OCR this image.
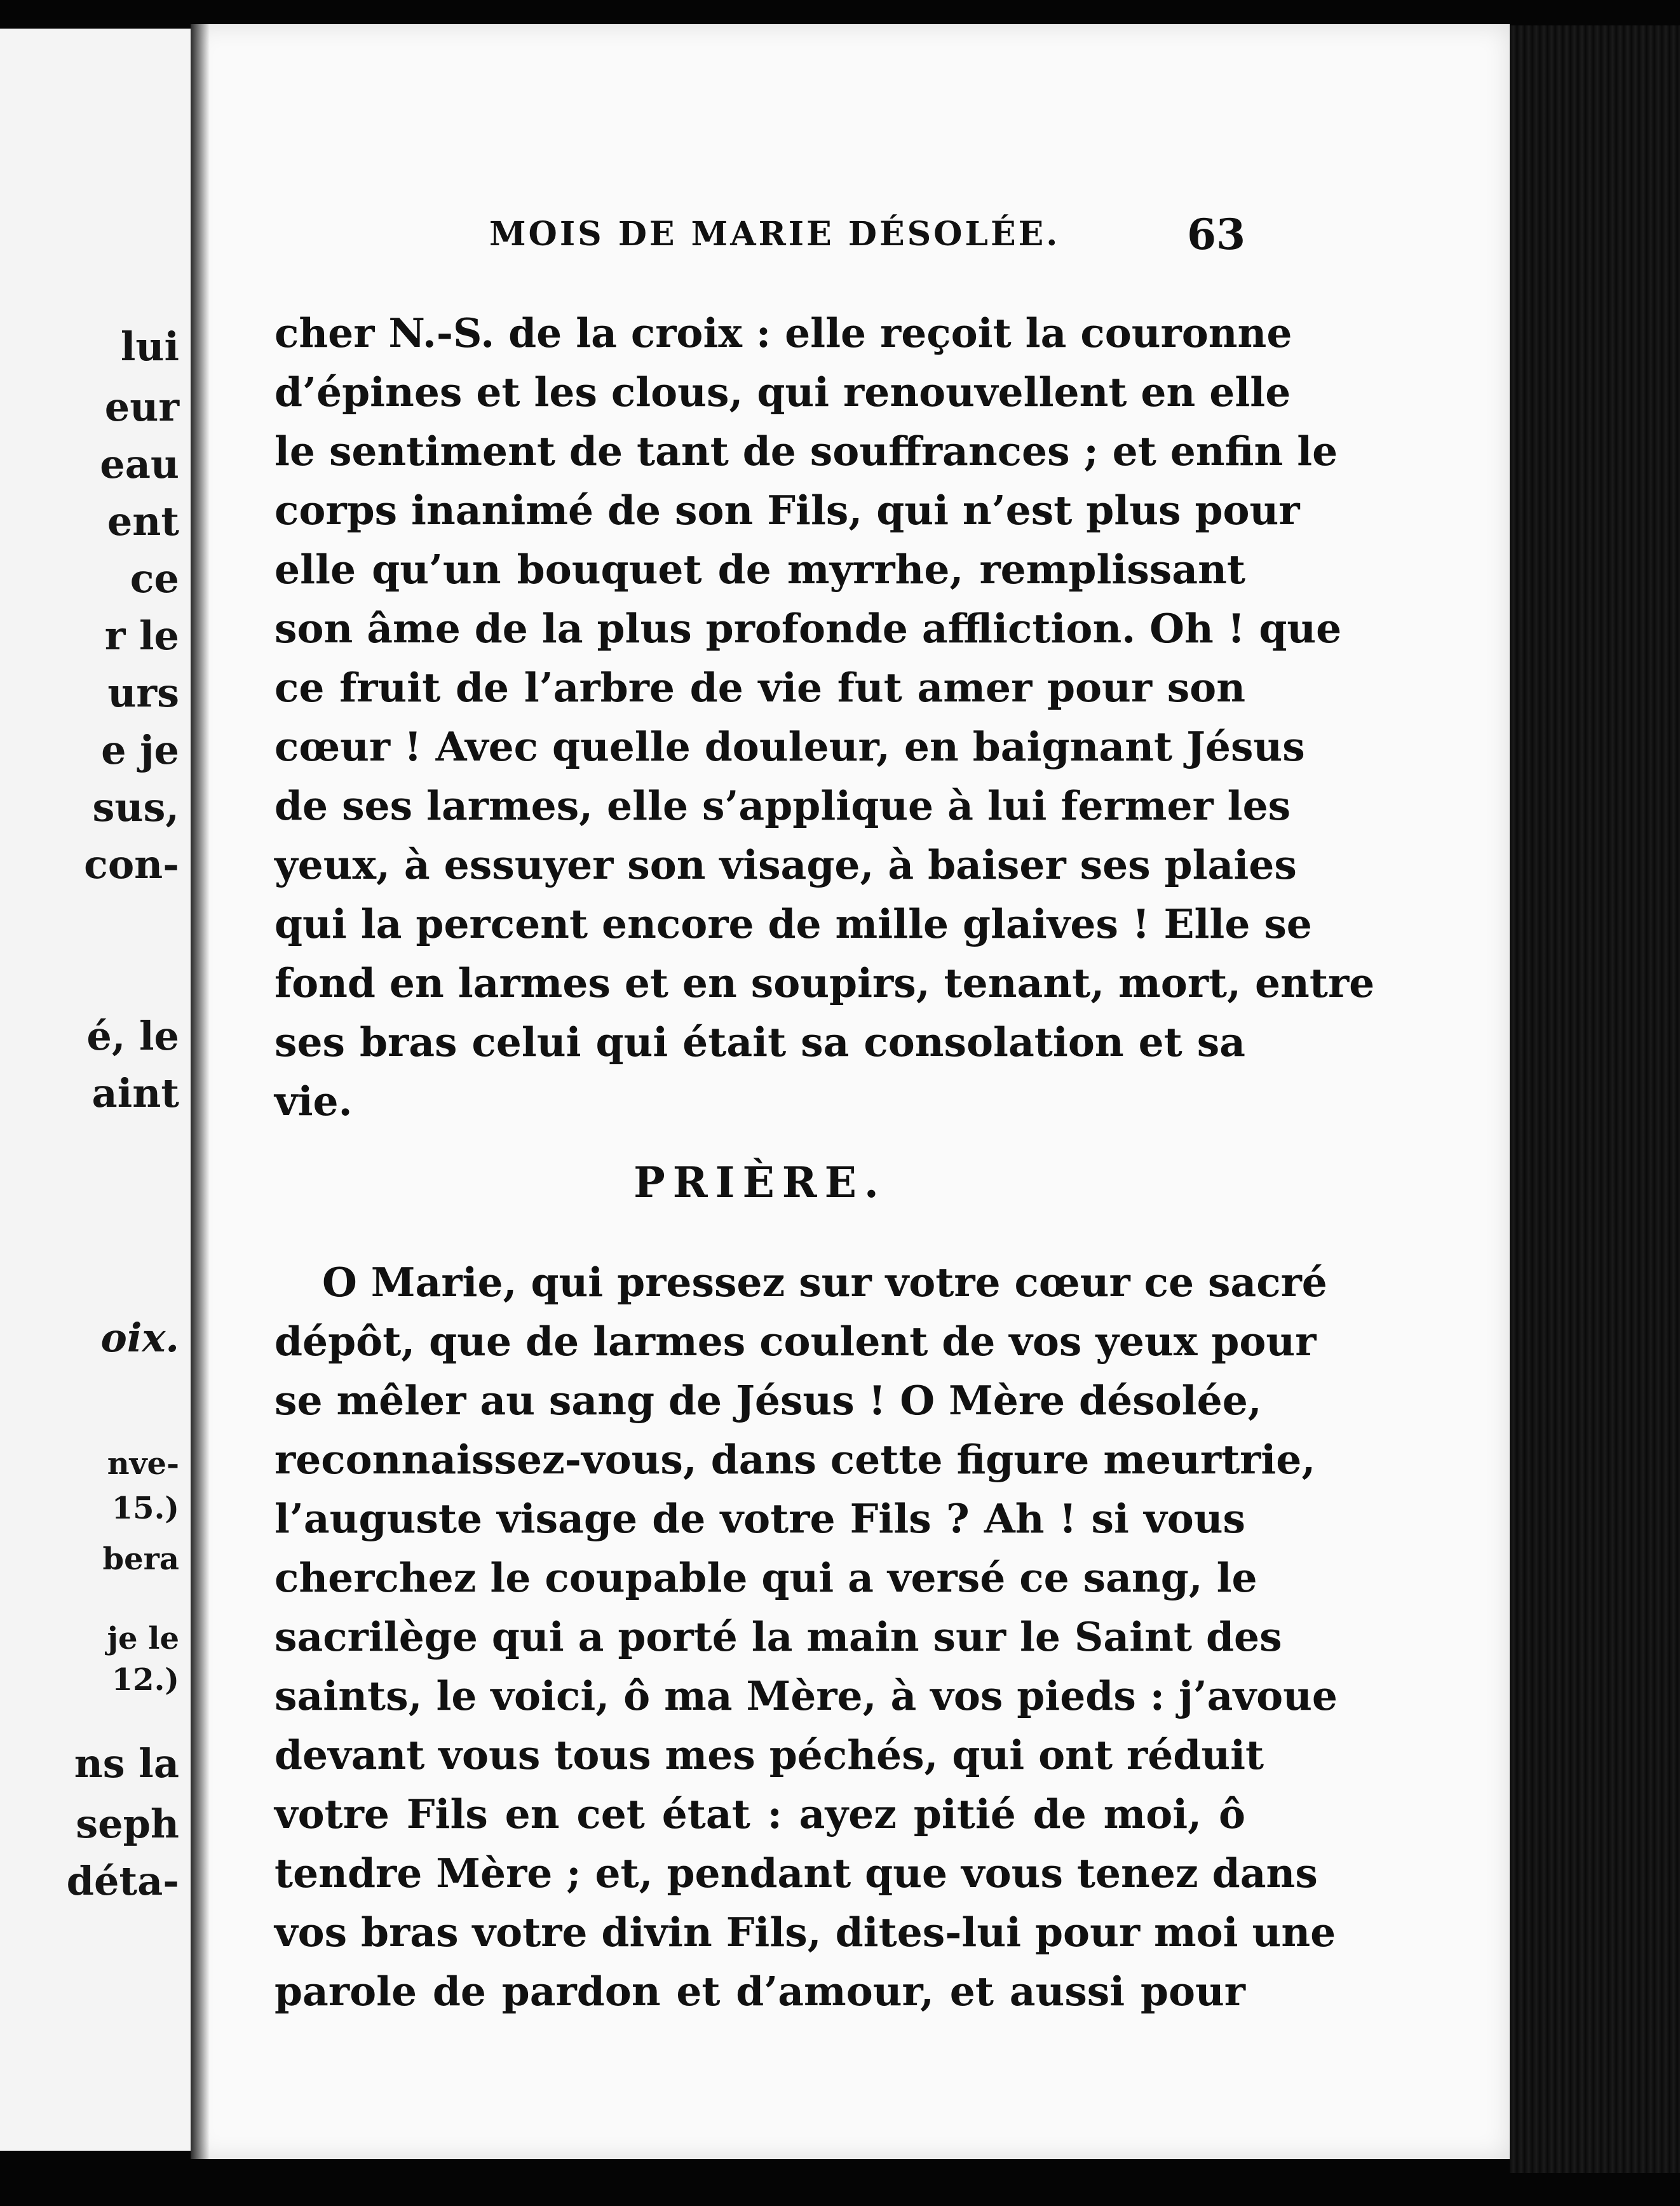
lui
eur
eau
ent
ce
r le
urs
e je
sus,
con-
é, le
aint
oix.
nve-
15.)
bera
je le
12.)
ns la
seph
déta-
MOIS DE MARIE DÉSOLÉE.	63
cher N.-S. de la croix : elle reçoit la couronne
d’épines et les clous, qui renouvellent en elle
le sentiment de tant de souffrances ; et enfin le
corps inanimé de son Fils, qui n’est plus pour
elle qu’un bouquet de myrrhe, remplissant
son âme de la plus profonde affliction. Oh ! que
ce fruit de l’arbre de vie fut amer pour son
cœur ! Avec quelle douleur, en baignant Jésus
de ses larmes, elle s’applique à lui fermer les
yeux, à essuyer son visage, à baiser ses plaies
qui la percent encore de mille glaives ! Elle se
fond en larmes et en soupirs, tenant, mort, entre
ses bras celui qui était sa consolation et sa
vie.
PRIÈRE.
O Marie, qui pressez sur votre cœur ce sacré
dépôt, que de larmes coulent de vos yeux pour
se mêler au sang de Jésus ! O Mère désolée,
reconnaissez-vous, dans cette figure meurtrie,
l’auguste visage de votre Fils ? Ah ! si vous
cherchez le coupable qui a versé ce sang, le
sacrilège qui a porté la main sur le Saint des
saints, le voici, ô ma Mère, à vos pieds : j’avoue
devant vous tous mes péchés, qui ont réduit
votre Fils en cet état : ayez pitié de moi, ô
tendre Mère ; et, pendant que vous tenez dans
vos bras votre divin Fils, dites-lui pour moi une
parole de pardon et d’amour, et aussi pour
